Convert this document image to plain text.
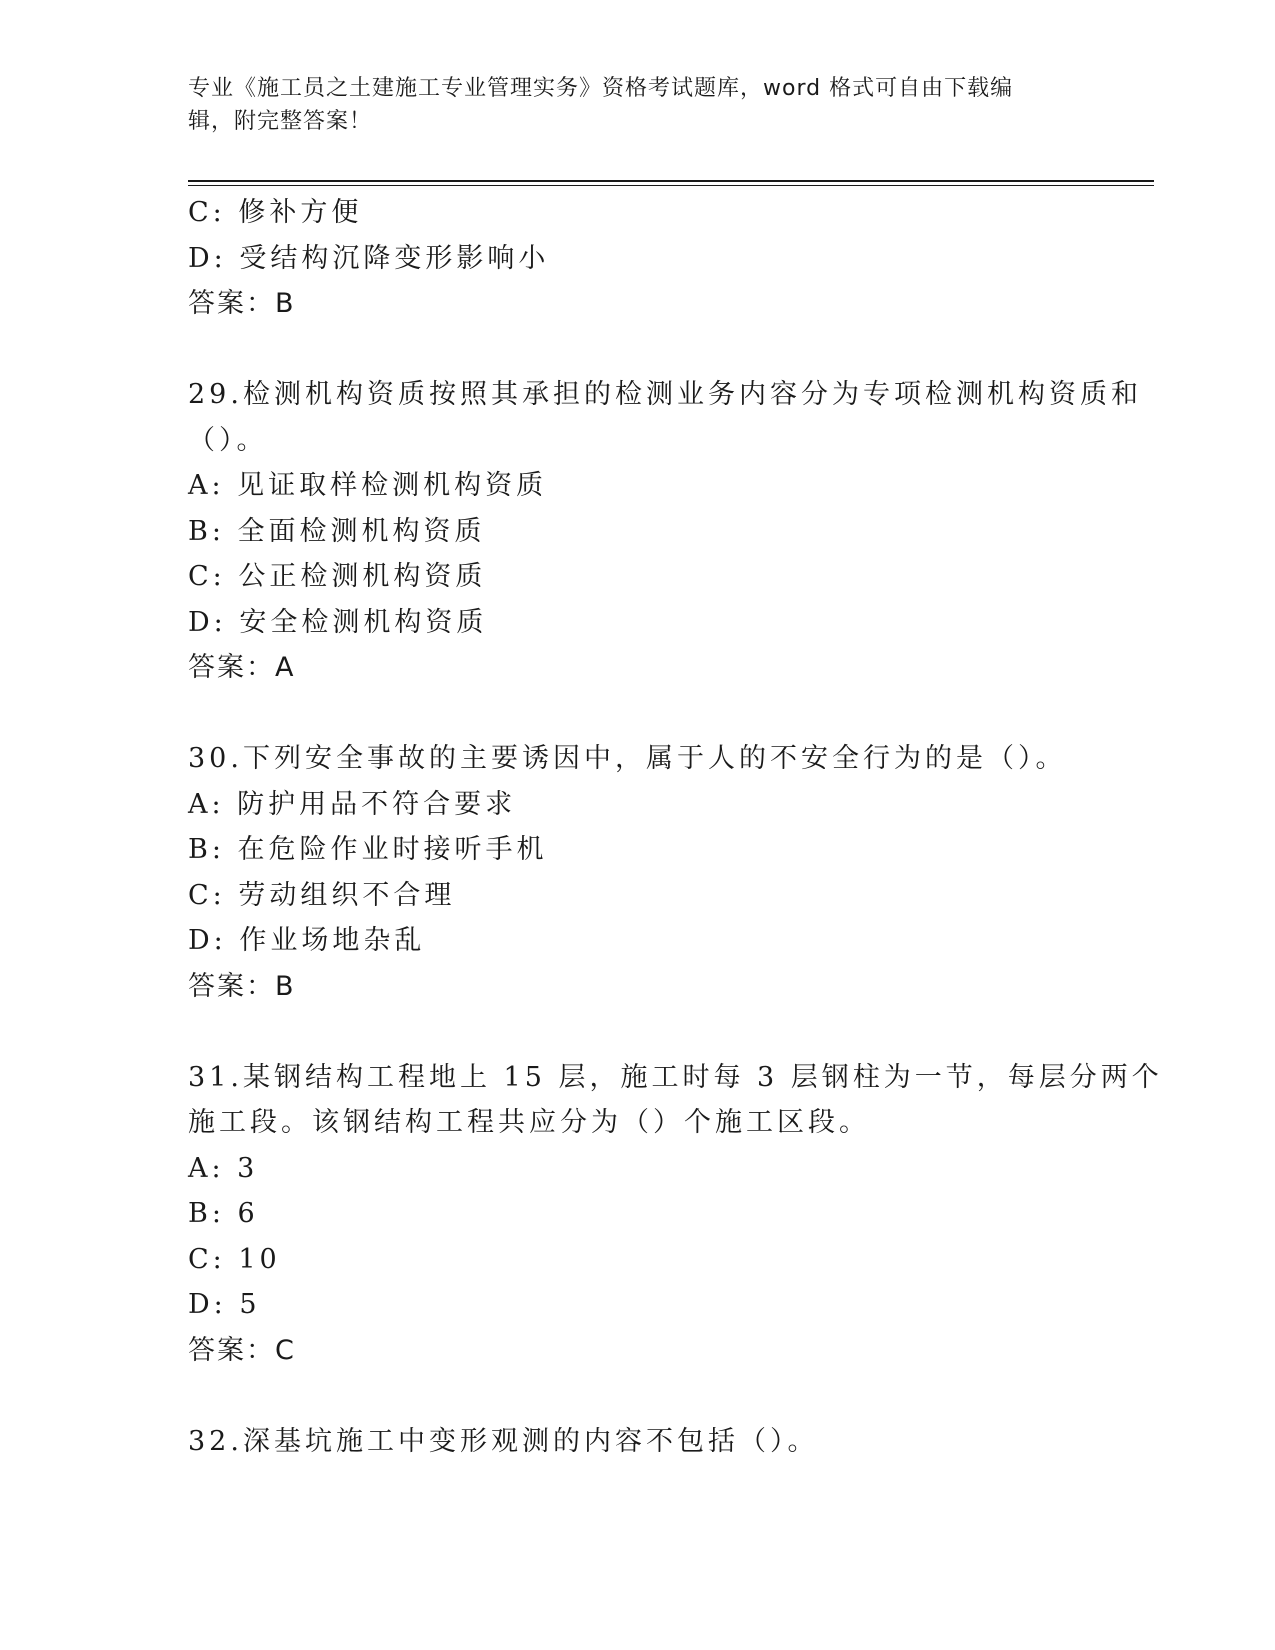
专业《施工员之土建施工专业管理实务》资格考试题库，word 格式可自由下载编
辑，附完整答案！
C: 修补方便
D: 受结构沉降变形影响小
答案：B
29.检测机构资质按照其承担的检测业务内容分为专项检测机构资质和
（）。
A: 见证取样检测机构资质
B: 全面检测机构资质
C: 公正检测机构资质
D: 安全检测机构资质
答案：A
30.下列安全事故的主要诱因中，属于人的不安全行为的是（）。
A: 防护用品不符合要求
B: 在危险作业时接听手机
C: 劳动组织不合理
D: 作业场地杂乱
答案：B
31.某钢结构工程地上 15 层，施工时每 3 层钢柱为一节，每层分两个
施工段。该钢结构工程共应分为（）个施工区段。
A: 3
B: 6
C: 10
D: 5
答案：C
32.深基坑施工中变形观测的内容不包括（）。
